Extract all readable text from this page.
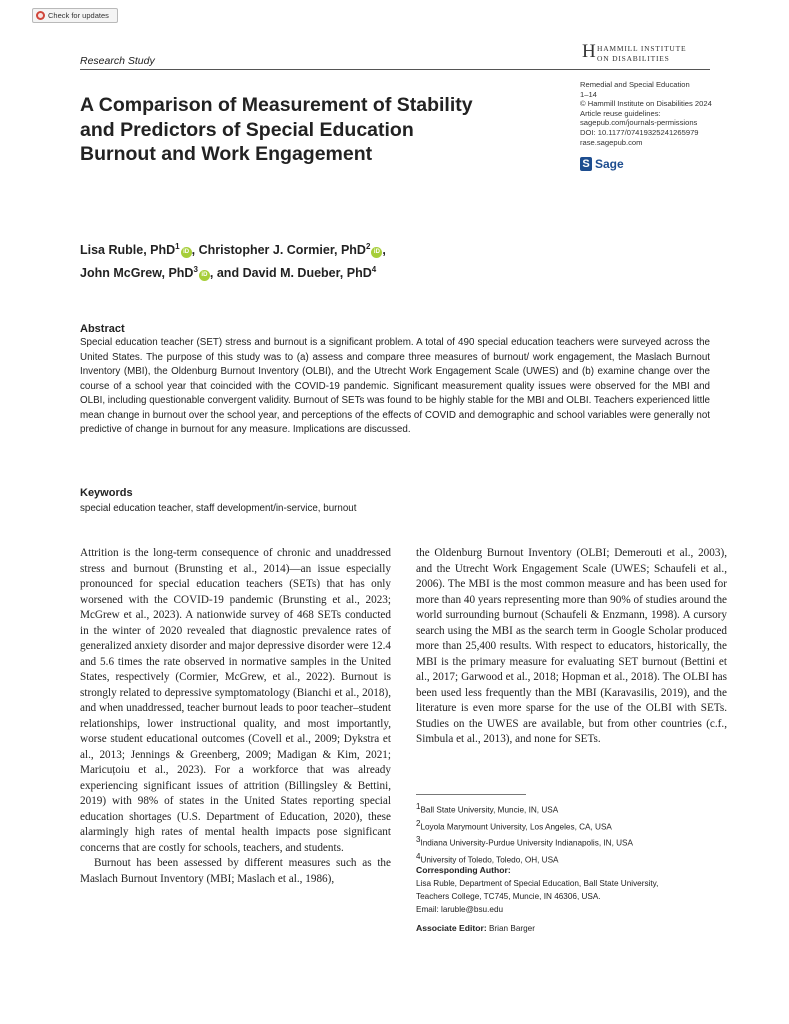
Check for updates
Research Study	H HAMMILL INSTITUTE
ON DISABILITIES
Remedial and Special Education
1–14
© Hammill Institute on Disabilities 2024
Article reuse guidelines:
sagepub.com/journals-permissions
DOI: 10.1177/07419325241265979
rase.sagepub.com
S Sage
A Comparison of Measurement of Stability and Predictors of Special Education Burnout and Work Engagement
Lisa Ruble, PhD$^1$iD , Christopher J. Cormier, PhD$^2$iD ,
John McGrew, PhD$^3$iD , and David M. Dueber, PhD$^4$
Abstract

Special education teacher (SET) stress and burnout is a significant problem. A total of 490 special education teachers were surveyed across the United States. The purpose of this study was to (a) assess and compare three measures of burnout/ work engagement, the Maslach Burnout Inventory (MBI), the Oldenburg Burnout Inventory (OLBI), and the Utrecht Work Engagement Scale (UWES) and (b) examine change over the course of a school year that coincided with the COVID-19 pandemic. Significant measurement quality issues were observed for the MBI and OLBI, including questionable convergent validity. Burnout of SETs was found to be highly stable for the MBI and OLBI. Teachers experienced little mean change in burnout over the school year, and perceptions of the effects of COVID and demographic and school variables were generally not predictive of change in burnout for any measure. Implications are discussed.

Keywords
special education teacher, staff development/in-service, burnout

Attrition is the long-term consequence of chronic and unaddressed stress and burnout (Brunsting et al., 2014)—an issue especially pronounced for special education teachers (SETs) that has only worsened with the COVID-19 pandemic (Brunsting et al., 2023; McGrew et al., 2023). A nationwide survey of 468 SETs conducted in the winter of 2020 revealed that diagnostic prevalence rates of generalized anxiety disorder and major depressive disorder were 12.4 and 5.6 times the rate observed in normative samples in the United States, respectively (Cormier, McGrew, et al., 2022). Burnout is strongly related to depressive symptomatology (Bianchi et al., 2018), and when unaddressed, teacher burnout leads to poor teacher–student relationships, lower instructional quality, and most importantly, worse student educational outcomes (Covell et al., 2009; Dykstra et al., 2013; Jennings & Greenberg, 2009; Madigan & Kim, 2021; Maricuțoiu et al., 2023). For a workforce that was already experiencing significant issues of attrition (Billingsley & Bettini, 2019) with 98% of states in the United States reporting special education shortages (U.S. Department of Education, 2020), these alarmingly high rates of mental health impacts pose significant concerns that are costly for schools, teachers, and students.

Burnout has been assessed by different measures such as the Maslach Burnout Inventory (MBI; Maslach et al., 1986),

the Oldenburg Burnout Inventory (OLBI; Demerouti et al., 2003), and the Utrecht Work Engagement Scale (UWES; Schaufeli et al., 2006). The MBI is the most common measure and has been used for more than 40 years representing more than 90% of studies around the world surrounding burnout (Schaufeli & Enzmann, 1998). A cursory search using the MBI as the search term in Google Scholar produced more than 25,400 results. With respect to educators, historically, the MBI is the primary measure for evaluating SET burnout (Bettini et al., 2017; Garwood et al., 2018; Hopman et al., 2018). The OLBI has been used less frequently than the MBI (Karavasilis, 2019), and the literature is even more sparse for the use of the OLBI with SETs. Studies on the UWES are available, but from other countries (c.f., Simbula et al., 2013), and none for SETs.

$^1$Ball State University, Muncie, IN, USA
$^2$Loyola Marymount University, Los Angeles, CA, USA
$^3$Indiana University-Purdue University Indianapolis, IN, USA
$^4$University of Toledo, Toledo, OH, USA
Corresponding Author:
Lisa Ruble, Department of Special Education, Ball State University,
Teachers College, TC745, Muncie, IN 46306, USA.
Email: laruble@bsu.edu
Associate Editor: Brian Barger
